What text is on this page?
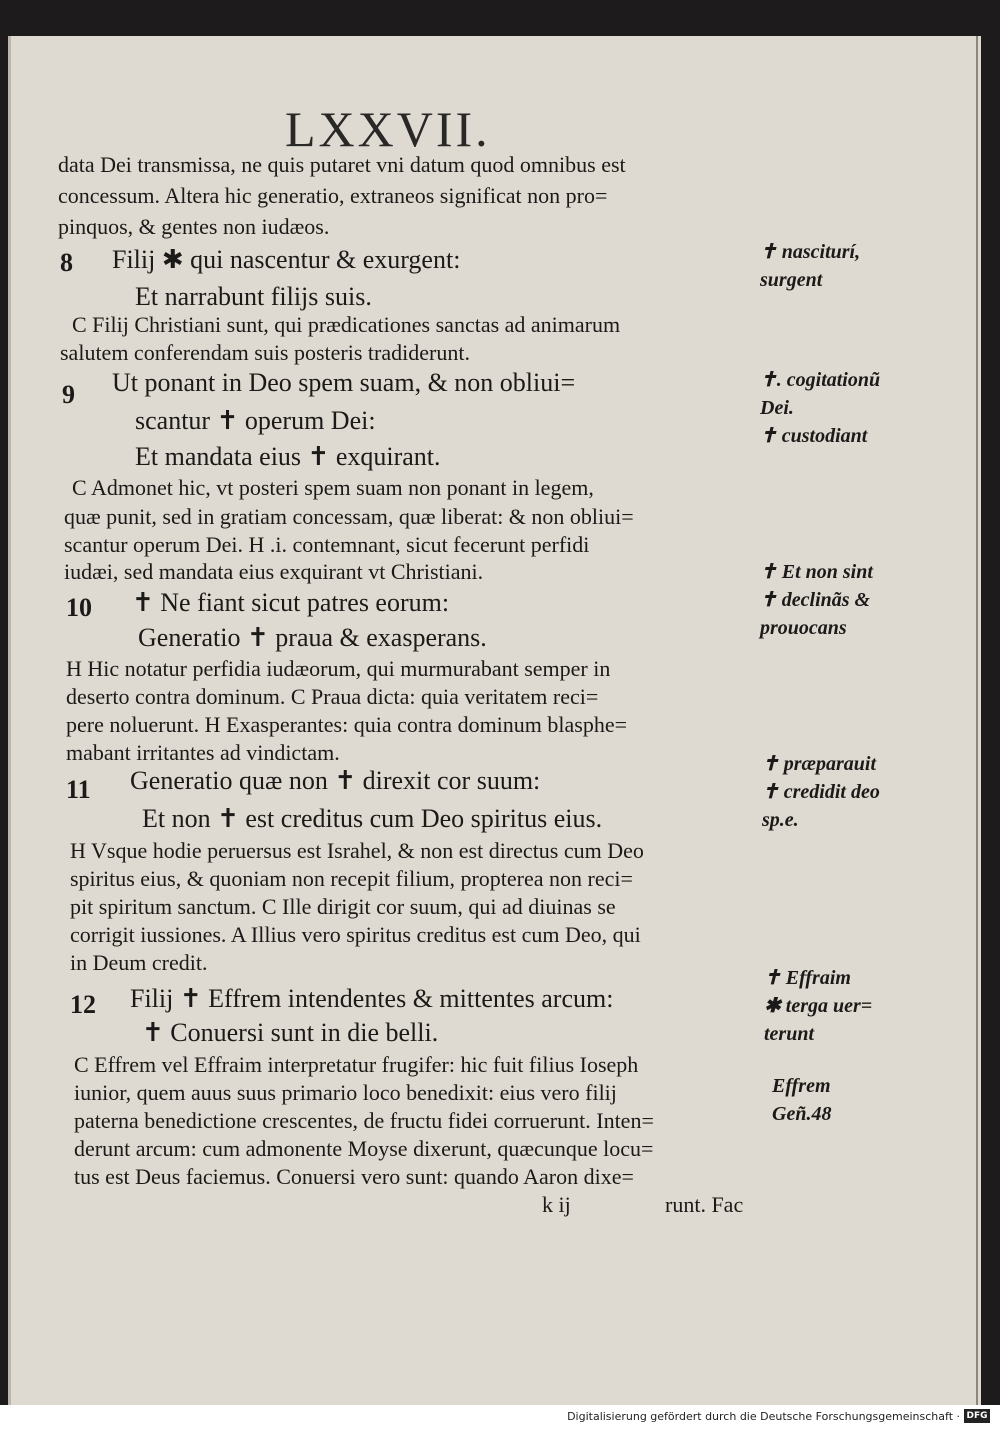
LXXVII.
data Dei transmissa, ne quis putaret vni datum quod omnibus est
concessum. Altera hic generatio, extraneos significat non pro=
pinquos, & gentes non iudæos.
8 Filij ✱ qui nascentur & exurgent:
Et narrabunt filijs suis.
C Filij Christiani sunt, qui prædicationes sanctas ad animarum
salutem conferendam suis posteris tradiderunt.
9 Ut ponant in Deo spem suam, & non obliui=
scantur ✝ operum Dei:
Et mandata eius ✝ exquirant.
C Admonet hic, vt posteri spem suam non ponant in legem,
quæ punit, sed in gratiam concessam, quæ liberat: & non obliui=
scantur operum Dei. H .i. contemnant, sicut fecerunt perfidi
iudæi, sed mandata eius exquirant vt Christiani.
10 ✝ Ne fiant sicut patres eorum:
Generatio ✝ praua & exasperans.
H Hic notatur perfidia iudæorum, qui murmurabant semper in
deserto contra dominum. C Praua dicta: quia veritatem reci=
pere noluerunt. H Exasperantes: quia contra dominum blasphe=
mabant irritantes ad vindictam.
11 Generatio quæ non ✝ direxit cor suum:
Et non ✝ est creditus cum Deo spiritus eius.
H Vsque hodie peruersus est Israhel, & non est directus cum Deo
spiritus eius, & quoniam non recepit filium, propterea non reci=
pit spiritum sanctum. C Ille dirigit cor suum, qui ad diuinas se
corrigit iussiones. A Illius vero spiritus creditus est cum Deo, qui
in Deum credit.
12 Filij ✝ Effrem intendentes & mittentes arcum:
✝ Conuersi sunt in die belli.
C Effrem vel Effraim interpretatur frugifer: hic fuit filius Ioseph
iunior, quem auus suus primario loco benedixit: eius vero filij
paterna benedictione crescentes, de fructu fidei corruerunt. Inten=
derunt arcum: cum admonente Moyse dixerunt, quæcunque locu=
tus est Deus faciemus. Conuersi vero sunt: quando Aaron dixe=
k ij	runt. Fac
✝ nasciturí,
surgent
✝. cogitationũ
Dei.
✝ custodiant
✝ Et non sint
✝ declinãs &
prouocans
✝ præparauit
✝ credidit deo
sp.e.
✝ Effraim
✱ terga uer=
terunt
Effrem
Geñ.48
Digitalisierung gefördert durch die Deutsche Forschungsgemeinschaft · DFG
